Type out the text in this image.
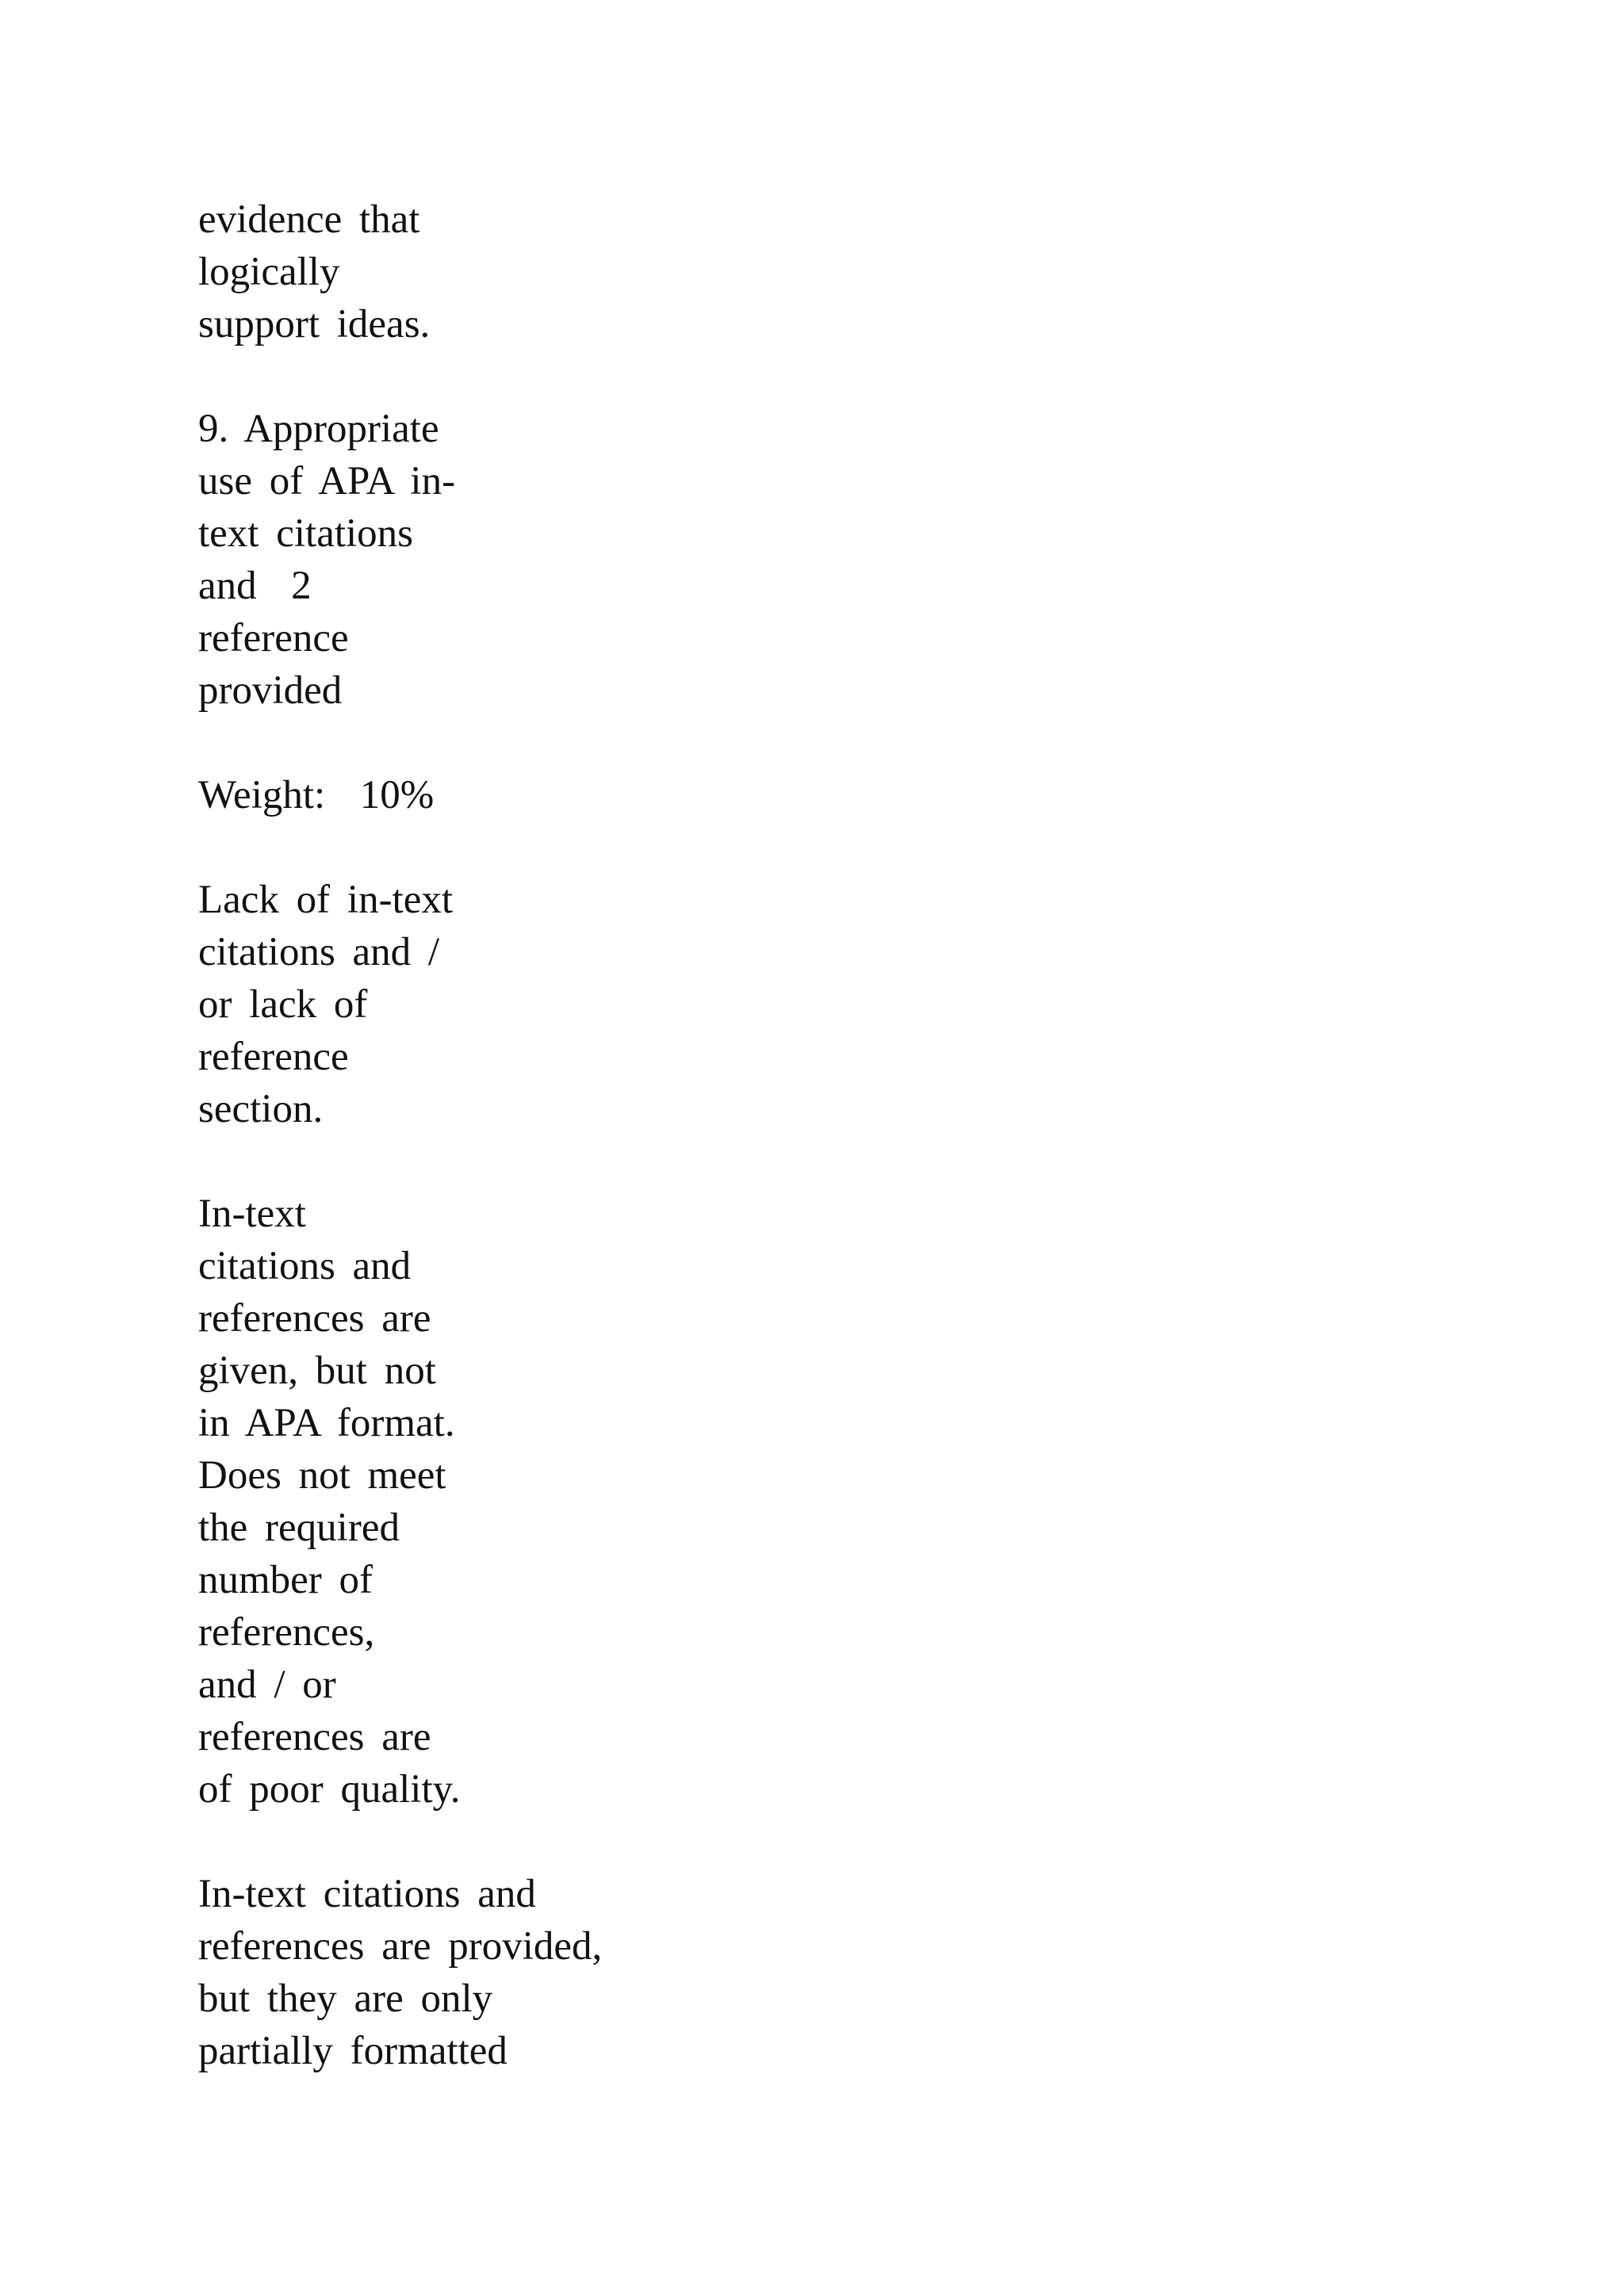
evidence that
logically
support ideas.

9. Appropriate
use of APA in-
text citations
and  2
reference
provided

Weight:  10%

Lack of in-text
citations and /
or lack of
reference
section.

In-text
citations and
references are
given, but not
in APA format.
Does not meet
the required
number of
references,
and / or
references are
of poor quality.

In-text citations and
references are provided,
but they are only
partially formatted
